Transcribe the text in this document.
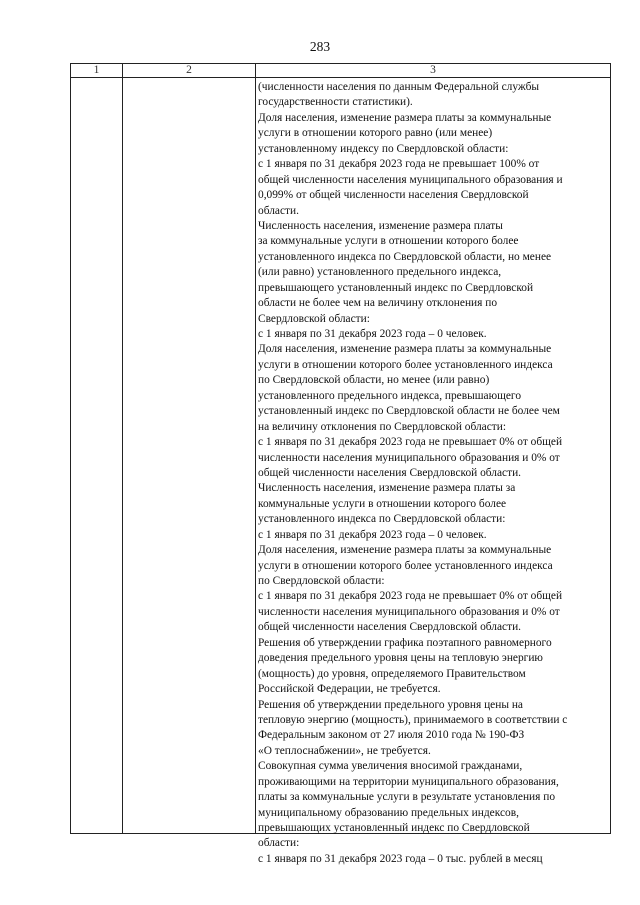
283
1	2	3
(численности населения по данным Федеральной службы
государственности статистики).
Доля населения, изменение размера платы за коммунальные
услуги в отношении которого равно (или менее)
установленному индексу по Свердловской области:
с 1 января по 31 декабря 2023 года не превышает 100% от
общей численности населения муниципального образования и
0,099% от общей численности населения Свердловской
области.
Численность населения, изменение размера платы
за коммунальные услуги в отношении которого более
установленного индекса по Свердловской области, но менее
(или равно) установленного предельного индекса,
превышающего установленный индекс по Свердловской
области не более чем на величину отклонения по
Свердловской области:
с 1 января по 31 декабря 2023 года – 0 человек.
Доля населения, изменение размера платы за коммунальные
услуги в отношении которого более установленного индекса
по Свердловской области, но менее (или равно)
установленного предельного индекса, превышающего
установленный индекс по Свердловской области не более чем
на величину отклонения по Свердловской области:
с 1 января по 31 декабря 2023 года не превышает 0% от общей
численности населения муниципального образования и 0% от
общей численности населения Свердловской области.
Численность населения, изменение размера платы за
коммунальные услуги в отношении которого более
установленного индекса по Свердловской области:
с 1 января по 31 декабря 2023 года – 0 человек.
Доля населения, изменение размера платы за коммунальные
услуги в отношении которого более установленного индекса
по Свердловской области:
с 1 января по 31 декабря 2023 года не превышает 0% от общей
численности населения муниципального образования и 0% от
общей численности населения Свердловской области.
Решения об утверждении графика поэтапного равномерного
доведения предельного уровня цены на тепловую энергию
(мощность) до уровня, определяемого Правительством
Российской Федерации, не требуется.
Решения об утверждении предельного уровня цены на
тепловую энергию (мощность), принимаемого в соответствии с
Федеральным законом от 27 июля 2010 года № 190-ФЗ
«О теплоснабжении», не требуется.
Совокупная сумма увеличения вносимой гражданами,
проживающими на территории муниципального образования,
платы за коммунальные услуги в результате установления по
муниципальному образованию предельных индексов,
превышающих установленный индекс по Свердловской
области:
с 1 января по 31 декабря 2023 года – 0 тыс. рублей в месяц
